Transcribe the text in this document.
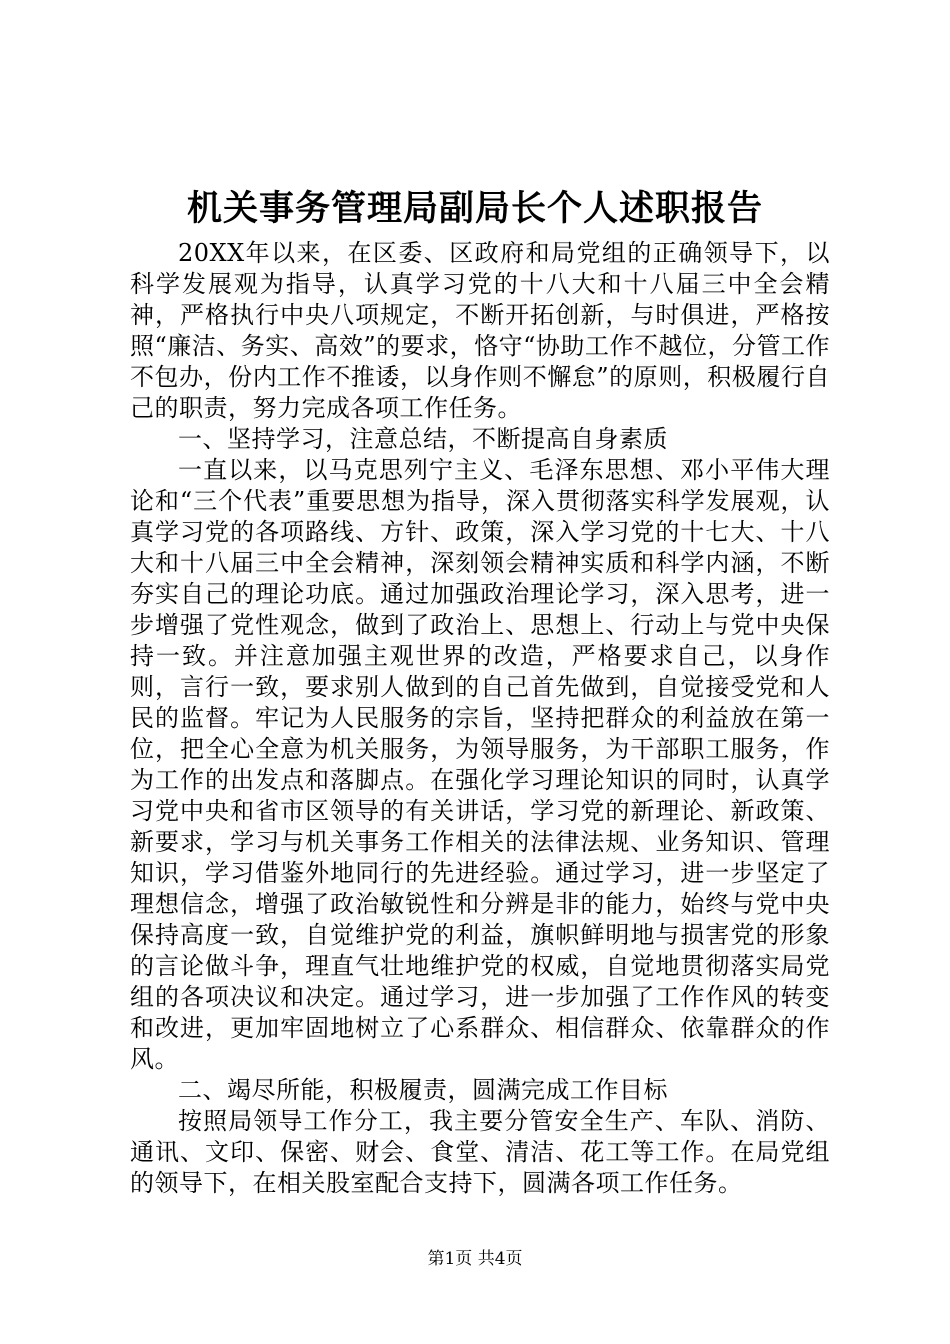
机关事务管理局副局长个人述职报告

20XX年以来，在区委、区政府和局党组的正确领导下，以科学发展观为指导，认真学习党的十八大和十八届三中全会精神，严格执行中央八项规定，不断开拓创新，与时俱进，严格按照“廉洁、务实、高效”的要求，恪守“协助工作不越位，分管工作不包办，份内工作不推诿，以身作则不懈怠”的原则，积极履行自己的职责，努力完成各项工作任务。

一、坚持学习，注意总结，不断提高自身素质

一直以来，以马克思列宁主义、毛泽东思想、邓小平伟大理论和“三个代表”重要思想为指导，深入贯彻落实科学发展观，认真学习党的各项路线、方针、政策，深入学习党的十七大、十八大和十八届三中全会精神，深刻领会精神实质和科学内涵，不断夯实自己的理论功底。通过加强政治理论学习，深入思考，进一步增强了党性观念，做到了政治上、思想上、行动上与党中央保持一致。并注意加强主观世界的改造，严格要求自己，以身作则，言行一致，要求别人做到的自己首先做到，自觉接受党和人民的监督。牢记为人民服务的宗旨，坚持把群众的利益放在第一位，把全心全意为机关服务，为领导服务，为干部职工服务，作为工作的出发点和落脚点。在强化学习理论知识的同时，认真学习党中央和省市区领导的有关讲话，学习党的新理论、新政策、新要求，学习与机关事务工作相关的法律法规、业务知识、管理知识，学习借鉴外地同行的先进经验。通过学习，进一步坚定了理想信念，增强了政治敏锐性和分辨是非的能力，始终与党中央保持高度一致，自觉维护党的利益，旗帜鲜明地与损害党的形象的言论做斗争，理直气壮地维护党的权威，自觉地贯彻落实局党组的各项决议和决定。通过学习，进一步加强了工作作风的转变和改进，更加牢固地树立了心系群众、相信群众、依靠群众的作风。

二、竭尽所能，积极履责，圆满完成工作目标

按照局领导工作分工，我主要分管安全生产、车队、消防、通讯、文印、保密、财会、食堂、清洁、花工等工作。在局党组的领导下，在相关股室配合支持下，圆满各项工作任务。

第1页 共4页
